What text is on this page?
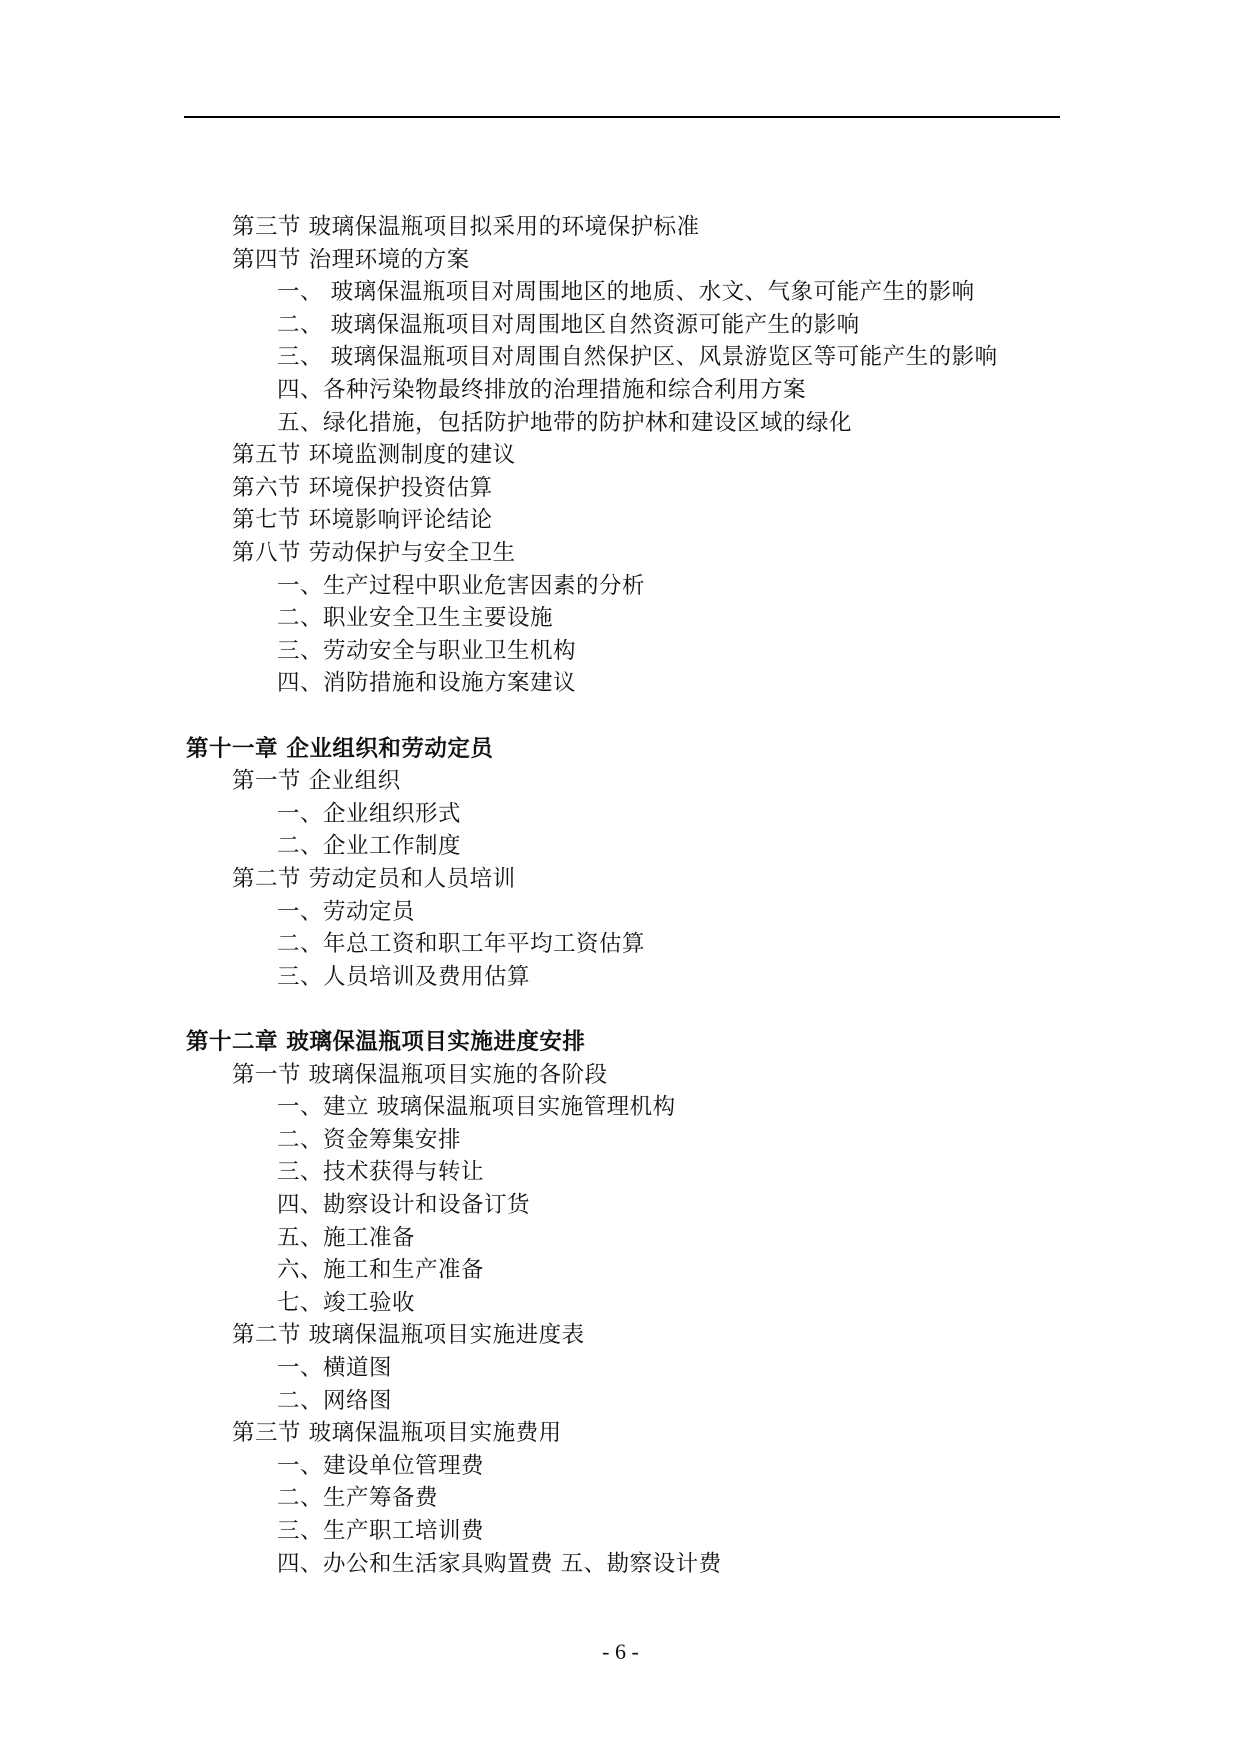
第三节 玻璃保温瓶项目拟采用的环境保护标准
第四节 治理环境的方案
一、 玻璃保温瓶项目对周围地区的地质、水文、气象可能产生的影响
二、 玻璃保温瓶项目对周围地区自然资源可能产生的影响
三、 玻璃保温瓶项目对周围自然保护区、风景游览区等可能产生的影响
四、各种污染物最终排放的治理措施和综合利用方案
五、绿化措施，包括防护地带的防护林和建设区域的绿化
第五节 环境监测制度的建议
第六节 环境保护投资估算
第七节 环境影响评论结论
第八节 劳动保护与安全卫生
一、生产过程中职业危害因素的分析
二、职业安全卫生主要设施
三、劳动安全与职业卫生机构
四、消防措施和设施方案建议
第十一章 企业组织和劳动定员
第一节 企业组织
一、企业组织形式
二、企业工作制度
第二节 劳动定员和人员培训
一、劳动定员
二、年总工资和职工年平均工资估算
三、人员培训及费用估算
第十二章 玻璃保温瓶项目实施进度安排
第一节 玻璃保温瓶项目实施的各阶段
一、建立 玻璃保温瓶项目实施管理机构
二、资金筹集安排
三、技术获得与转让
四、勘察设计和设备订货
五、施工准备
六、施工和生产准备
七、竣工验收
第二节 玻璃保温瓶项目实施进度表
一、横道图
二、网络图
第三节 玻璃保温瓶项目实施费用
一、建设单位管理费
二、生产筹备费
三、生产职工培训费
四、办公和生活家具购置费 五、勘察设计费
- 6 -
